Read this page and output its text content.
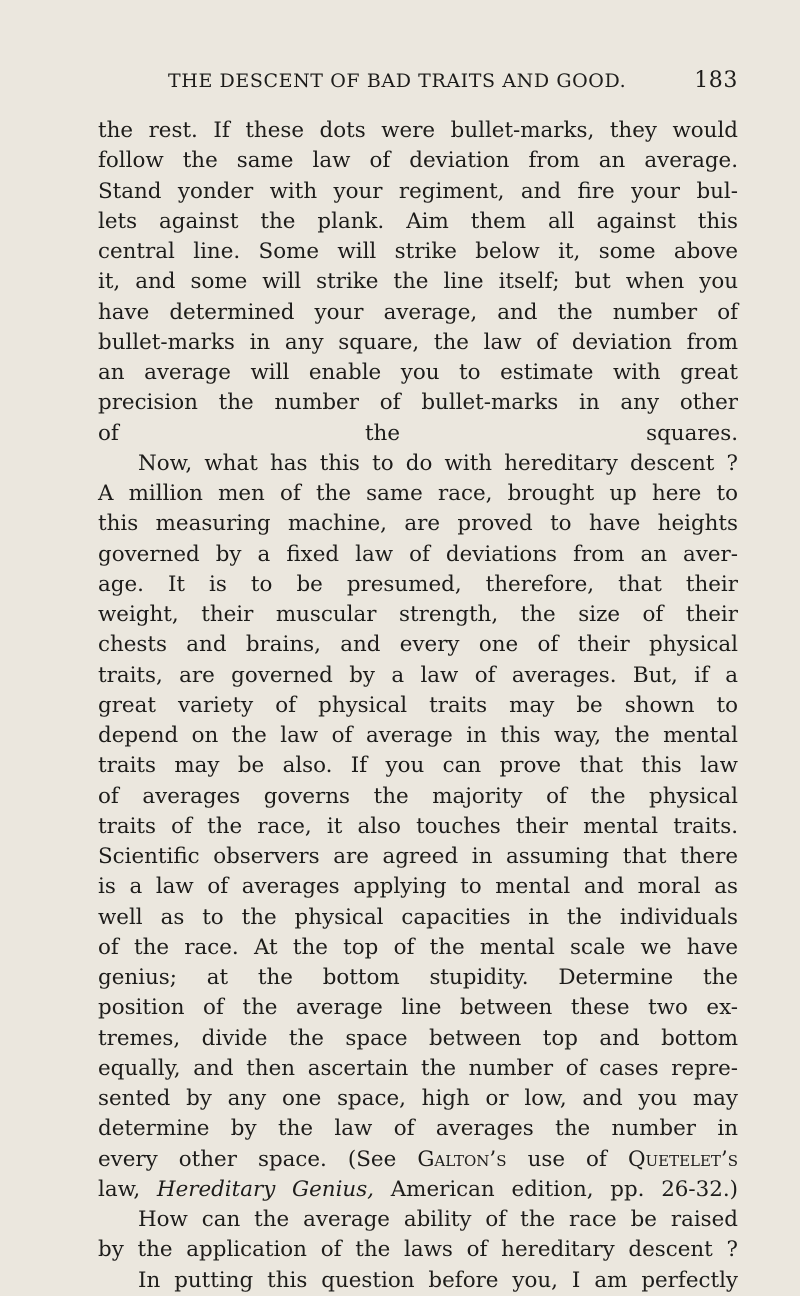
THE DESCENT OF BAD TRAITS AND GOOD.	183
the rest. If these dots were bullet-marks, they would
follow the same law of deviation from an average.
Stand yonder with your regiment, and fire your bul-
lets against the plank. Aim them all against this
central line. Some will strike below it, some above
it, and some will strike the line itself; but when you
have determined your average, and the number of
bullet-marks in any square, the law of deviation from
an average will enable you to estimate with great
precision the number of bullet-marks in any other
of the squares.
Now, what has this to do with hereditary descent ?
A million men of the same race, brought up here to
this measuring machine, are proved to have heights
governed by a fixed law of deviations from an aver-
age. It is to be presumed, therefore, that their
weight, their muscular strength, the size of their
chests and brains, and every one of their physical
traits, are governed by a law of averages. But, if a
great variety of physical traits may be shown to
depend on the law of average in this way, the mental
traits may be also. If you can prove that this law
of averages governs the majority of the physical
traits of the race, it also touches their mental traits.
Scientific observers are agreed in assuming that there
is a law of averages applying to mental and moral as
well as to the physical capacities in the individuals
of the race. At the top of the mental scale we have
genius; at the bottom stupidity. Determine the
position of the average line between these two ex-
tremes, divide the space between top and bottom
equally, and then ascertain the number of cases repre-
sented by any one space, high or low, and you may
determine by the law of averages the number in
every other space. (See Galton’s use of Quetelet’s
law, Hereditary Genius, American edition, pp. 26-32.)
How can the average ability of the race be raised
by the application of the laws of hereditary descent ?
In putting this question before you, I am perfectly
